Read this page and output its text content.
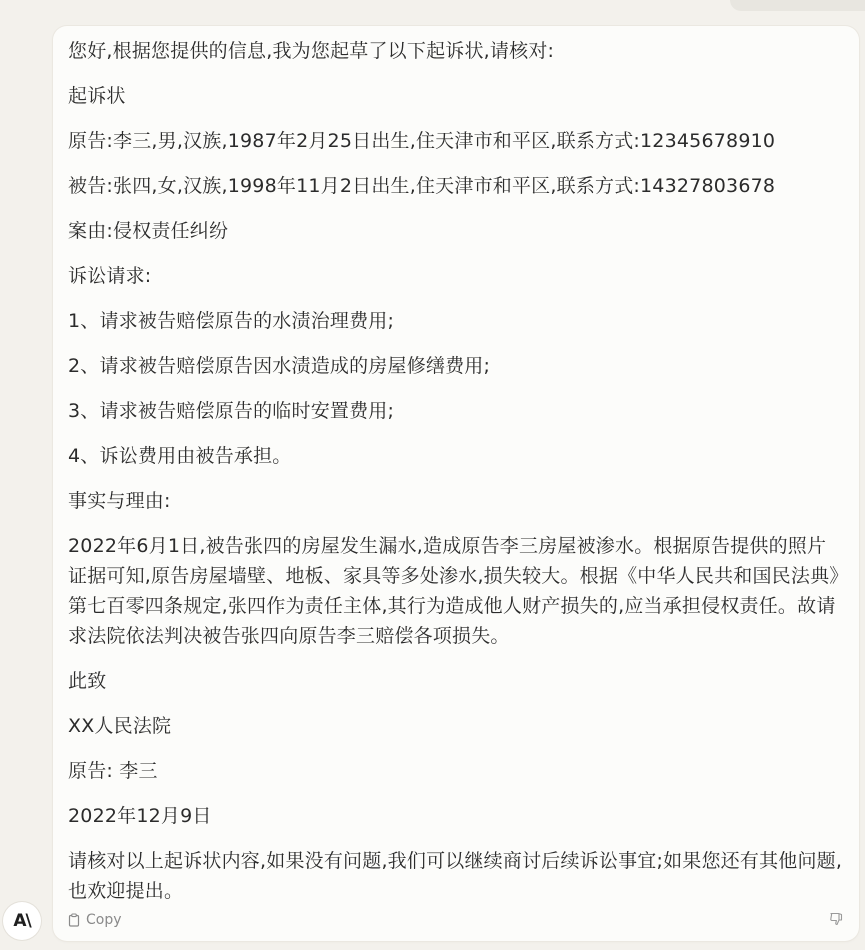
您好,根据您提供的信息,我为您起草了以下起诉状,请核对:

起诉状

原告:李三,男,汉族,1987年2月25日出生,住天津市和平区,联系方式:12345678910

被告:张四,女,汉族,1998年11月2日出生,住天津市和平区,联系方式:14327803678

案由:侵权责任纠纷

诉讼请求:

1、请求被告赔偿原告的水渍治理费用;

2、请求被告赔偿原告因水渍造成的房屋修缮费用;

3、请求被告赔偿原告的临时安置费用;

4、诉讼费用由被告承担。

事实与理由:

2022年6月1日,被告张四的房屋发生漏水,造成原告李三房屋被渗水。根据原告提供的照片证据可知,原告房屋墙壁、地板、家具等多处渗水,损失较大。根据《中华人民共和国民法典》第七百零四条规定,张四作为责任主体,其行为造成他人财产损失的,应当承担侵权责任。故请求法院依法判决被告张四向原告李三赔偿各项损失。

此致

XX人民法院

原告: 李三

2022年12月9日

请核对以上起诉状内容,如果没有问题,我们可以继续商讨后续诉讼事宜;如果您还有其他问题,也欢迎提出。

Copy
A\
